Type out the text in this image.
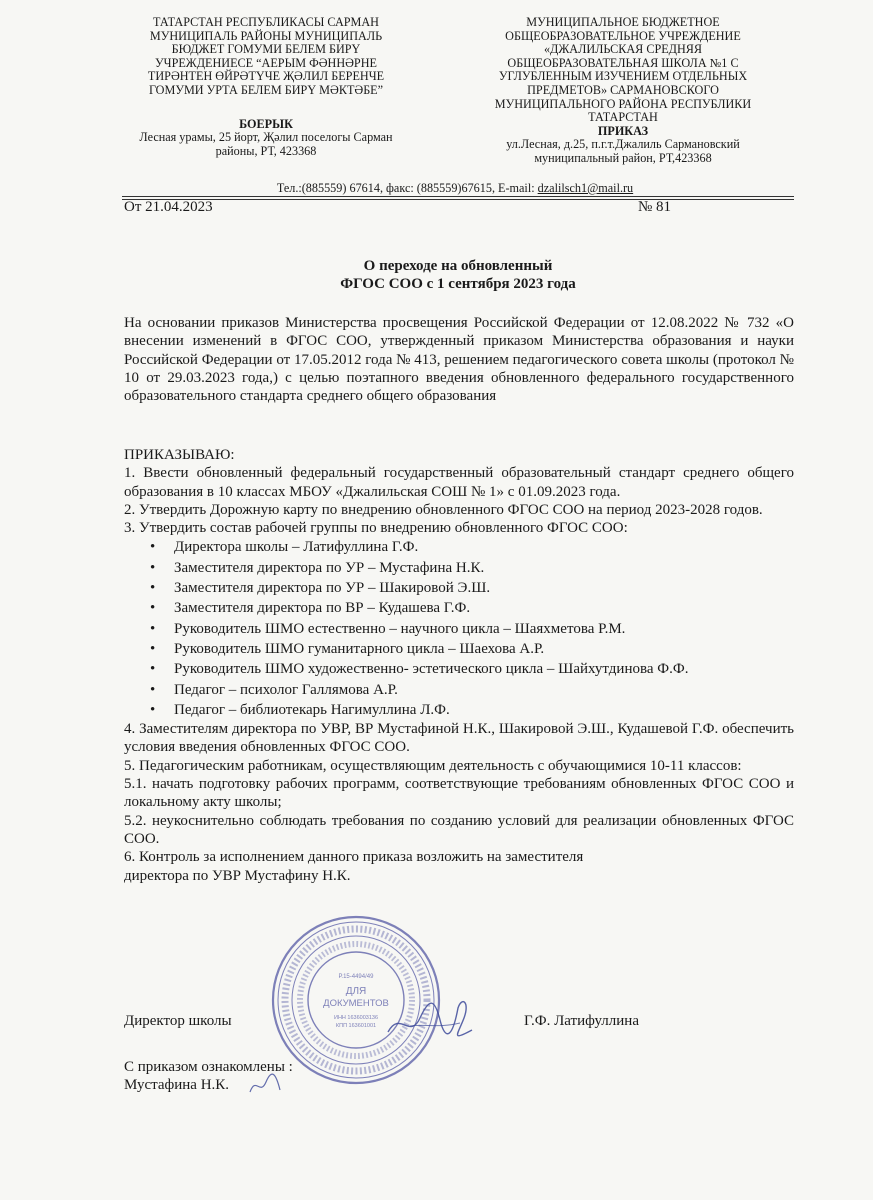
ТАТАРСТАН РЕСПУБЛИКАСЫ САРМАН
МУНИЦИПАЛЬ РАЙОНЫ МУНИЦИПАЛЬ
БЮДЖЕТ ГОМУМИ БЕЛЕМ БИРҮ
УЧРЕЖДЕНИЕСЕ “АЕРЫМ ФӘННӘРНЕ
ТИРӘНТЕН ӨЙРӘТҮЧЕ ҖӘЛИЛ БЕРЕНЧЕ
ГОМУМИ УРТА БЕЛЕМ БИРҮ МӘКТӘБЕ”
БОЕРЫК
Лесная урамы, 25 йорт, Җәлил поселогы Сарман
районы, РТ, 423368
МУНИЦИПАЛЬНОЕ БЮДЖЕТНОЕ
ОБЩЕОБРАЗОВАТЕЛЬНОЕ УЧРЕЖДЕНИЕ
«ДЖАЛИЛЬСКАЯ СРЕДНЯЯ
ОБЩЕОБРАЗОВАТЕЛЬНАЯ ШКОЛА №1 С
УГЛУБЛЕННЫМ ИЗУЧЕНИЕМ ОТДЕЛЬНЫХ
ПРЕДМЕТОВ» САРМАНОВСКОГО
МУНИЦИПАЛЬНОГО РАЙОНА РЕСПУБЛИКИ
ТАТАРСТАН
ПРИКАЗ
ул.Лесная, д.25, п.г.т.Джалиль Сармановский
муниципальный район, РТ,423368
Тел.:(885559) 67614, факс: (885559)67615, E-mail: dzalilsch1@mail.ru
От 21.04.2023	№ 81
О переходе на обновленный
ФГОС СОО с 1 сентября 2023 года
На основании приказов Министерства просвещения Российской Федерации от 12.08.2022 № 732 «О внесении изменений в ФГОС СОО, утвержденный приказом Министерства образования и науки Российской Федерации от 17.05.2012 года № 413, решением педагогического совета школы (протокол № 10 от 29.03.2023 года,) с целью поэтапного введения обновленного федерального государственного образовательного стандарта среднего общего образования

ПРИКАЗЫВАЮ:

1. Ввести обновленный федеральный государственный образовательный стандарт среднего общего образования в 10 классах МБОУ «Джалильская СОШ № 1» с 01.09.2023 года.

2. Утвердить Дорожную карту по внедрению обновленного ФГОС СОО на период 2023-2028 годов.

3. Утвердить состав рабочей группы по внедрению обновленного ФГОС СОО:

• Директора школы – Латифуллина Г.Ф.
• Заместителя директора по УР – Мустафина Н.К.
• Заместителя директора по УР – Шакировой Э.Ш.
• Заместителя директора по ВР – Кудашева Г.Ф.
• Руководитель ШМО естественно – научного цикла – Шаяхметова Р.М.
• Руководитель ШМО гуманитарного цикла – Шаехова А.Р.
• Руководитель ШМО художественно- эстетического цикла – Шайхутдинова Ф.Ф.
• Педагог – психолог Галлямова А.Р.
• Педагог – библиотекарь Нагимуллина Л.Ф.

4. Заместителям директора по УВР, ВР Мустафиной Н.К., Шакировой Э.Ш., Кудашевой Г.Ф. обеспечить условия введения обновленных ФГОС СОО.

5. Педагогическим работникам, осуществляющим деятельность с обучающимися 10-11 классов:

5.1. начать подготовку рабочих программ, соответствующие требованиям обновленных ФГОС СОО и локальному акту школы;

5.2. неукоснительно соблюдать требования по созданию условий для реализации обновленных ФГОС СОО.

6. Контроль за исполнением данного приказа возложить на заместителя

директора по УВР Мустафину Н.К.

Директор школы	Г.Ф. Латифуллина
С приказом ознакомлены :
Мустафина Н.К.
Р.15-4494/49
ДЛЯ
ДОКУМЕНТОВ
ИНН 1636003136
КПП 163601001
